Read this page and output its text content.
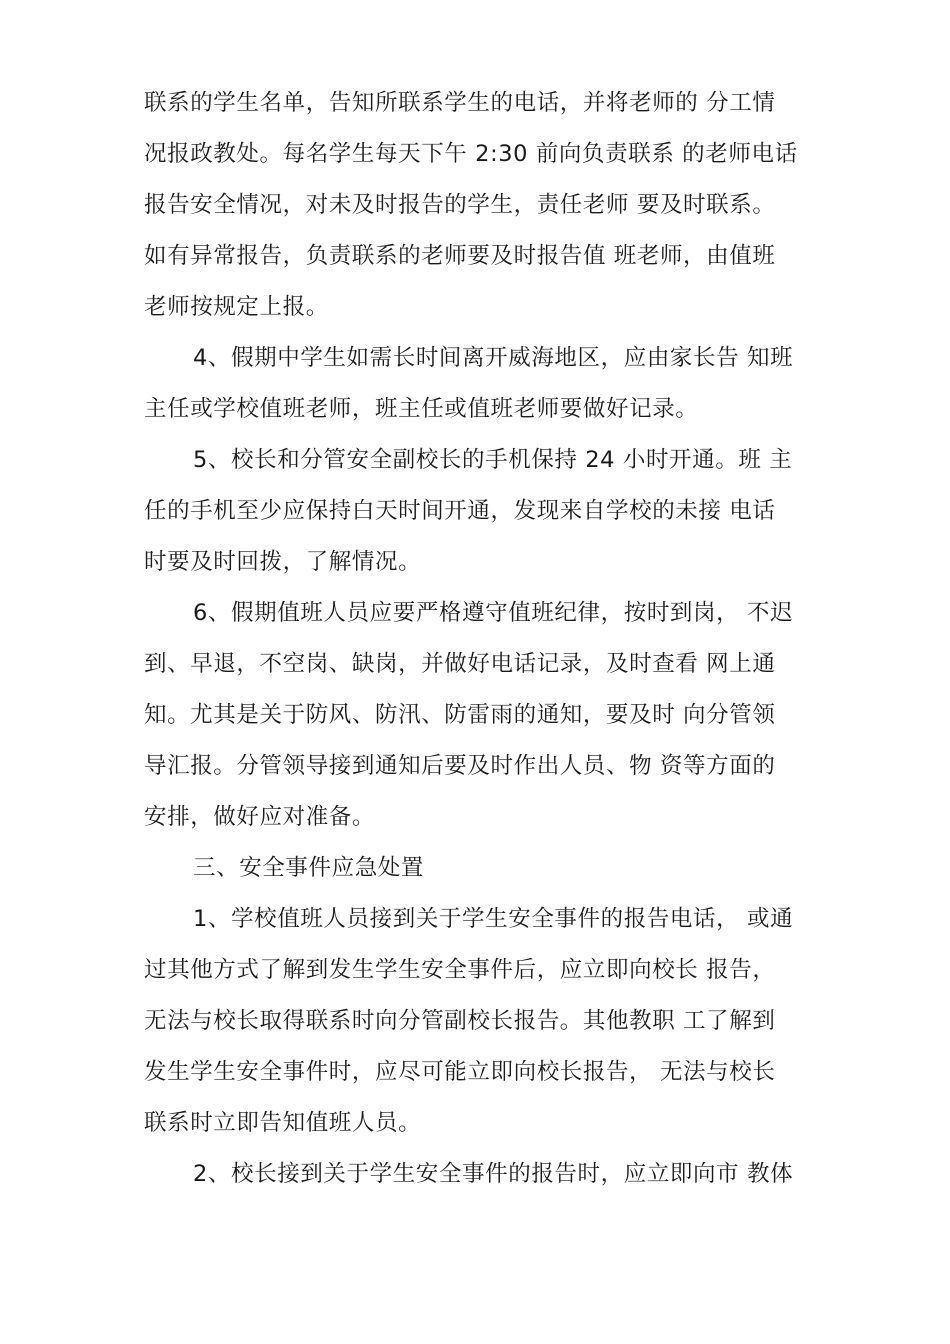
联系的学生名单，告知所联系学生的电话，并将老师的 分工情
况报政教处。每名学生每天下午 2:30 前向负责联系 的老师电话
报告安全情况，对未及时报告的学生，责任老师 要及时联系。
如有异常报告，负责联系的老师要及时报告值 班老师，由值班
老师按规定上报。
4、假期中学生如需长时间离开威海地区，应由家长告 知班
主任或学校值班老师，班主任或值班老师要做好记录。
5、校长和分管安全副校长的手机保持 24 小时开通。班 主
任的手机至少应保持白天时间开通，发现来自学校的未接 电话
时要及时回拨，了解情况。
6、假期值班人员应要严格遵守值班纪律，按时到岗， 不迟
到、早退，不空岗、缺岗，并做好电话记录，及时查看 网上通
知。尤其是关于防风、防汛、防雷雨的通知，要及时 向分管领
导汇报。分管领导接到通知后要及时作出人员、物 资等方面的
安排，做好应对准备。
三、安全事件应急处置
1、学校值班人员接到关于学生安全事件的报告电话， 或通
过其他方式了解到发生学生安全事件后，应立即向校长 报告，
无法与校长取得联系时向分管副校长报告。其他教职 工了解到
发生学生安全事件时，应尽可能立即向校长报告， 无法与校长
联系时立即告知值班人员。
2、校长接到关于学生安全事件的报告时，应立即向市 教体
